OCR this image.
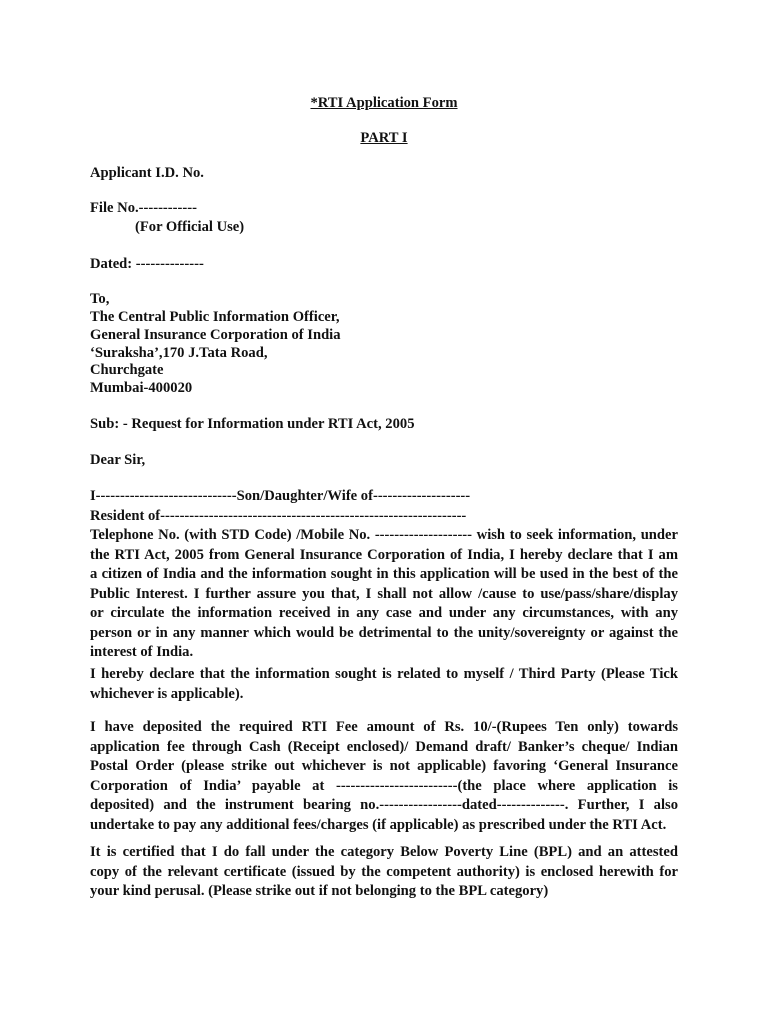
*RTI Application Form
PART I
Applicant I.D. No.
File No.------------
(For Official Use)
Dated: --------------
To,
The Central Public Information Officer,
General Insurance Corporation of India
‘Suraksha’,170 J.Tata Road,
Churchgate
Mumbai-400020
Sub: - Request for Information under RTI Act, 2005
Dear Sir,
I-----------------------------Son/Daughter/Wife of--------------------
Resident of---------------------------------------------------------------
Telephone No. (with STD Code) /Mobile No. -------------------- wish to seek information, under
the RTI Act, 2005 from General Insurance Corporation of India, I hereby declare that I am
a citizen of India and the information sought in this application will be used in the best of the
Public Interest. I further assure you that, I shall not allow /cause to use/pass/share/display
or circulate the information received in any case and under any circumstances, with any
person or in any manner which would be detrimental to the unity/sovereignty or against the
interest of India.
I hereby declare that the information sought is related to myself / Third Party (Please Tick
whichever is applicable).
I have deposited the required RTI Fee amount of Rs. 10/-(Rupees Ten only) towards
application fee through Cash (Receipt enclosed)/ Demand draft/ Banker’s cheque/ Indian
Postal Order (please strike out whichever is not applicable) favoring ‘General Insurance
Corporation of India’ payable at -------------------------(the place where application is
deposited) and the instrument bearing no.-----------------dated--------------. Further, I also
undertake to pay any additional fees/charges (if applicable) as prescribed under the RTI Act.
It is certified that I do fall under the category Below Poverty Line (BPL) and an attested
copy of the relevant certificate (issued by the competent authority) is enclosed herewith for
your kind perusal. (Please strike out if not belonging to the BPL category)
